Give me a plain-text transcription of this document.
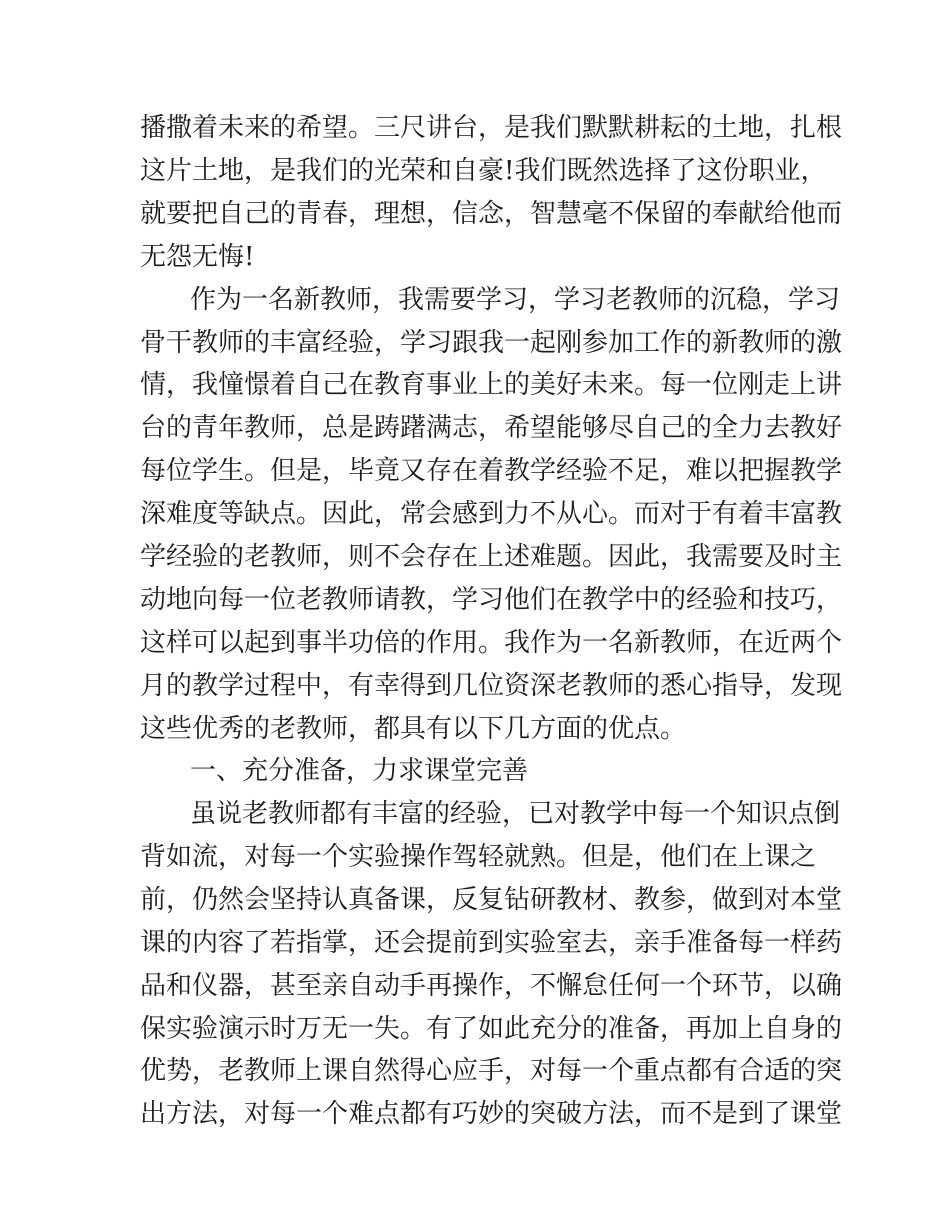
播撒着未来的希望。三尺讲台，是我们默默耕耘的土地，扎根

这片土地，是我们的光荣和自豪!我们既然选择了这份职业，

就要把自己的青春，理想，信念，智慧毫不保留的奉献给他而

无怨无悔!

作为一名新教师，我需要学习，学习老教师的沉稳，学习

骨干教师的丰富经验，学习跟我一起刚参加工作的新教师的激

情，我憧憬着自己在教育事业上的美好未来。每一位刚走上讲

台的青年教师，总是踌躇满志，希望能够尽自己的全力去教好

每位学生。但是，毕竟又存在着教学经验不足，难以把握教学

深难度等缺点。因此，常会感到力不从心。而对于有着丰富教

学经验的老教师，则不会存在上述难题。因此，我需要及时主

动地向每一位老教师请教，学习他们在教学中的经验和技巧，

这样可以起到事半功倍的作用。我作为一名新教师，在近两个

月的教学过程中，有幸得到几位资深老教师的悉心指导，发现

这些优秀的老教师，都具有以下几方面的优点。

一、充分准备，力求课堂完善

虽说老教师都有丰富的经验，已对教学中每一个知识点倒

背如流，对每一个实验操作驾轻就熟。但是，他们在上课之

前，仍然会坚持认真备课，反复钻研教材、教参，做到对本堂

课的内容了若指掌，还会提前到实验室去，亲手准备每一样药

品和仪器，甚至亲自动手再操作，不懈怠任何一个环节，以确

保实验演示时万无一失。有了如此充分的准备，再加上自身的

优势，老教师上课自然得心应手，对每一个重点都有合适的突

出方法，对每一个难点都有巧妙的突破方法，而不是到了课堂
